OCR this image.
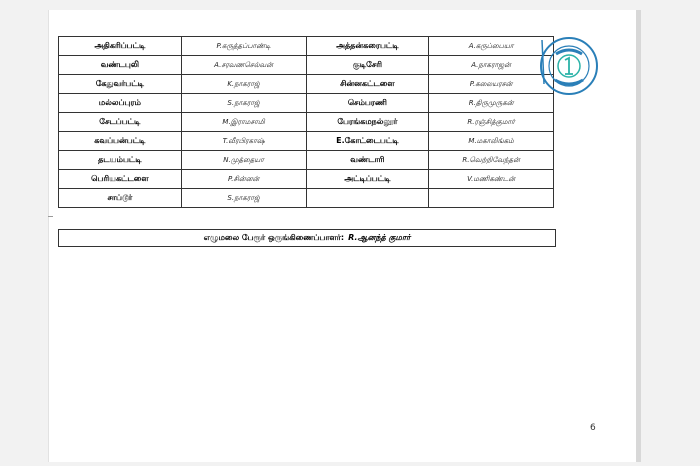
அதிகரிப்பட்டி	P.கருத்தப்பாண்டி	அத்தன்கரைபட்டி	A.கருப்பையா
வண்டபுலி	A.சரவணசெல்வன்	குடிசேரி	A.நாகராஜன்
கேதுவர்பட்டி	K.நாகராஜ்	சின்னகட்டளை	P.கலையரசன்
மல்லப்புரம்	S.நாகராஜ்	செம்பரணி	R.திருமுருகன்
சேடப்பட்டி	M.இராமசாமி	பேரங்கமநல்லூர்	R.ரஞ்சித்குமார்
கவப்பன்பட்டி	T.வீரபிரகாஷ்	E.கோட்டைபட்டி	M.மகாலிங்கம்
தடயம்பட்டி	N.முத்தையா	வண்டாரி	R.வெற்றிவேந்தன்
பெரியகட்டளை	P.சின்னன்	அட்டிப்பட்டி	V.மணிகண்டன்
சாப்டூர்	S.நாகராஜ்		
எழுமலை பேரூர் ஒருங்கிணைப்பாளர்: R.ஆனந்த் குமார்
6
